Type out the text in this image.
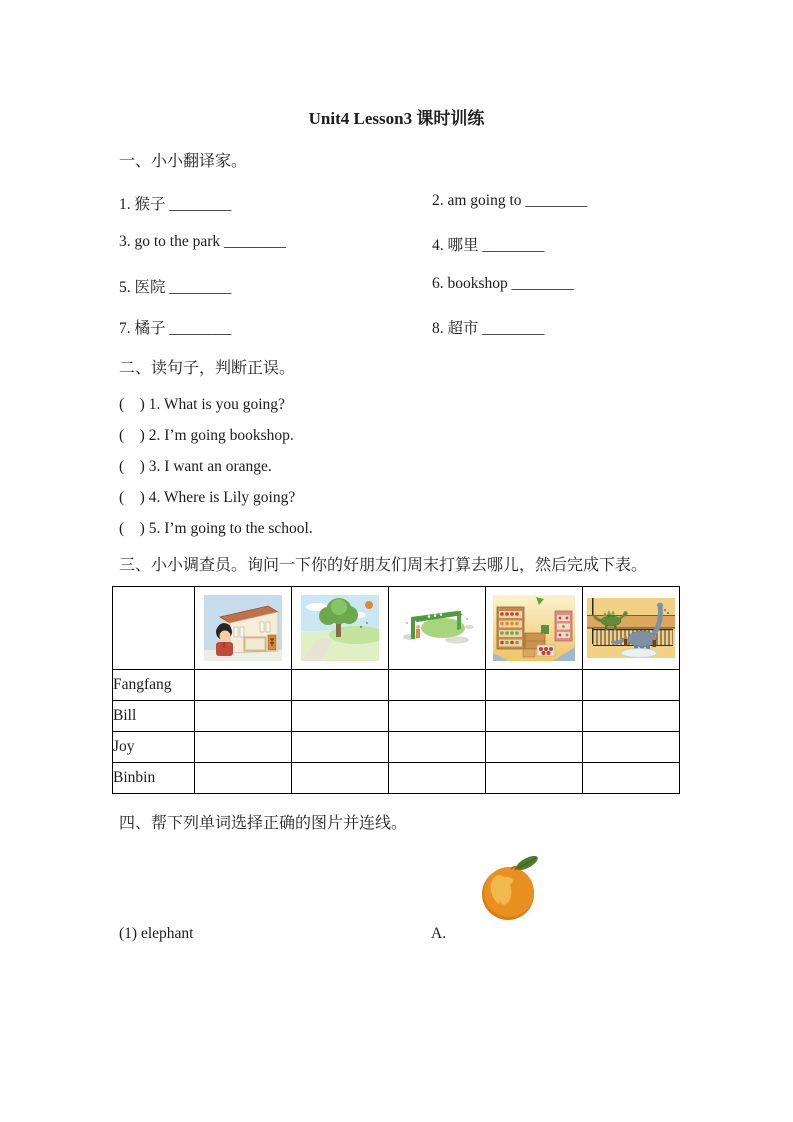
Unit4 Lesson3 课时训练
一、小小翻译家。
1. 猴子 ________	2. am going to ________
3. go to the park ________	4. 哪里 ________
5. 医院 ________	6. bookshop ________
7. 橘子 ________	8. 超市 ________
二、读句子，判断正误。
(    ) 1. What is you going?
(    ) 2. I’m going bookshop.
(    ) 3. I want an orange.
(    ) 4. Where is Lily going?
(    ) 5. I’m going to the school.
三、小小调查员。询问一下你的好朋友们周末打算去哪儿，然后完成下表。

Fangfang					
Bill					
Joy					
Binbin					
四、帮下列单词选择正确的图片并连线。
(1) elephant	A.
